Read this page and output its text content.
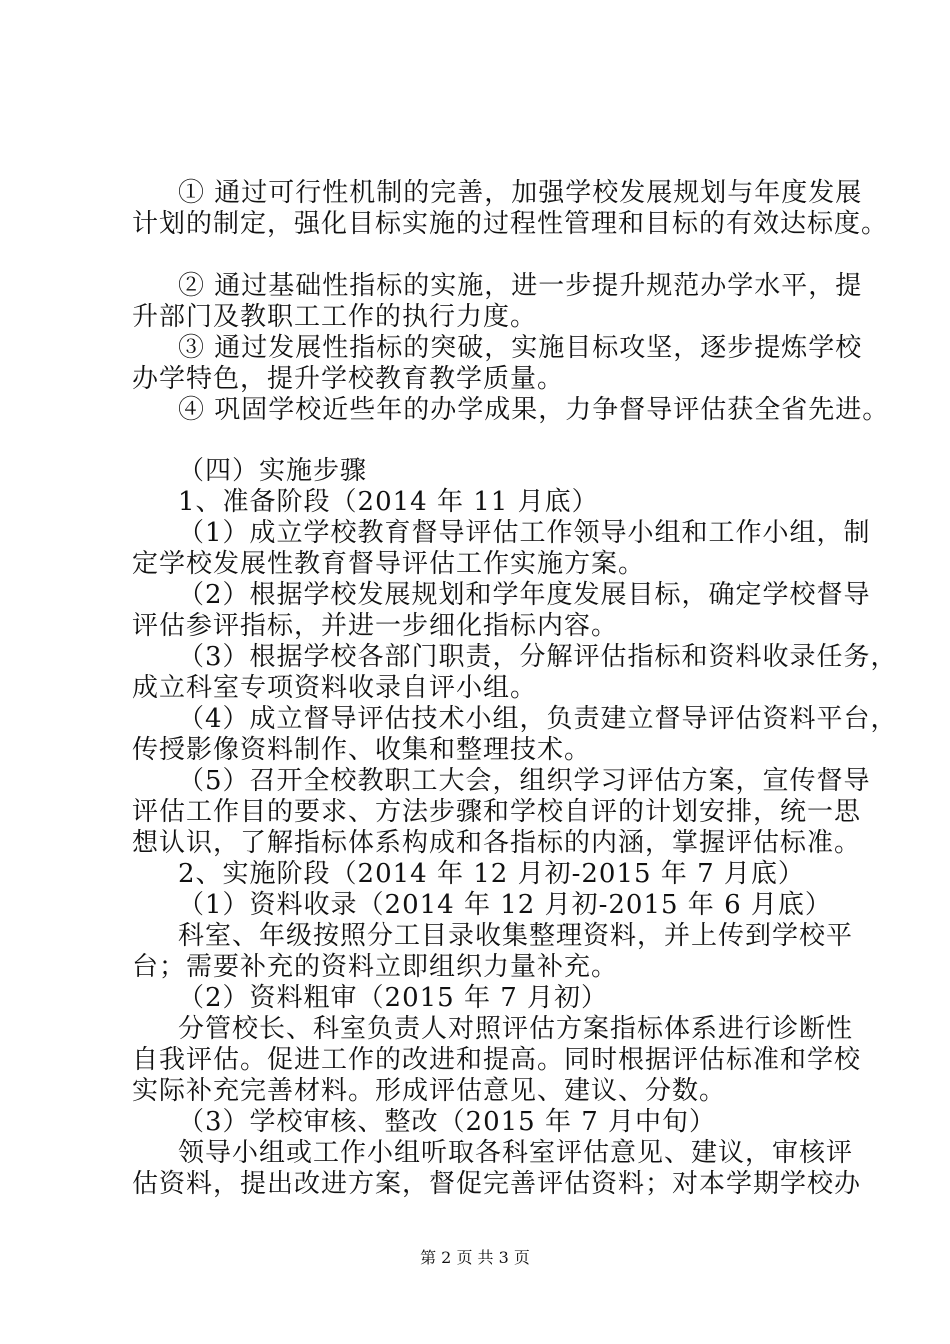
① 通过可行性机制的完善，加强学校发展规划与年度发展
计划的制定，强化目标实施的过程性管理和目标的有效达标度。
② 通过基础性指标的实施，进一步提升规范办学水平，提
升部门及教职工工作的执行力度。
③ 通过发展性指标的突破，实施目标攻坚，逐步提炼学校
办学特色，提升学校教育教学质量。
④ 巩固学校近些年的办学成果，力争督导评估获全省先进。
（四）实施步骤
1、准备阶段（2014 年 11 月底）
（1）成立学校教育督导评估工作领导小组和工作小组，制
定学校发展性教育督导评估工作实施方案。
（2）根据学校发展规划和学年度发展目标，确定学校督导
评估参评指标，并进一步细化指标内容。
（3）根据学校各部门职责，分解评估指标和资料收录任务，
成立科室专项资料收录自评小组。
（4）成立督导评估技术小组，负责建立督导评估资料平台，
传授影像资料制作、收集和整理技术。
（5）召开全校教职工大会，组织学习评估方案，宣传督导
评估工作目的要求、方法步骤和学校自评的计划安排，统一思
想认识，了解指标体系构成和各指标的内涵，掌握评估标准。
2、实施阶段（2014 年 12 月初-2015 年 7 月底）
（1）资料收录（2014 年 12 月初-2015 年 6 月底）
科室、年级按照分工目录收集整理资料，并上传到学校平
台；需要补充的资料立即组织力量补充。
（2）资料粗审（2015 年 7 月初）
分管校长、科室负责人对照评估方案指标体系进行诊断性
自我评估。促进工作的改进和提高。同时根据评估标准和学校
实际补充完善材料。形成评估意见、建议、分数。
（3）学校审核、整改（2015 年 7 月中旬）
领导小组或工作小组听取各科室评估意见、建议，审核评
估资料，提出改进方案，督促完善评估资料；对本学期学校办
第 2 页 共 3 页
